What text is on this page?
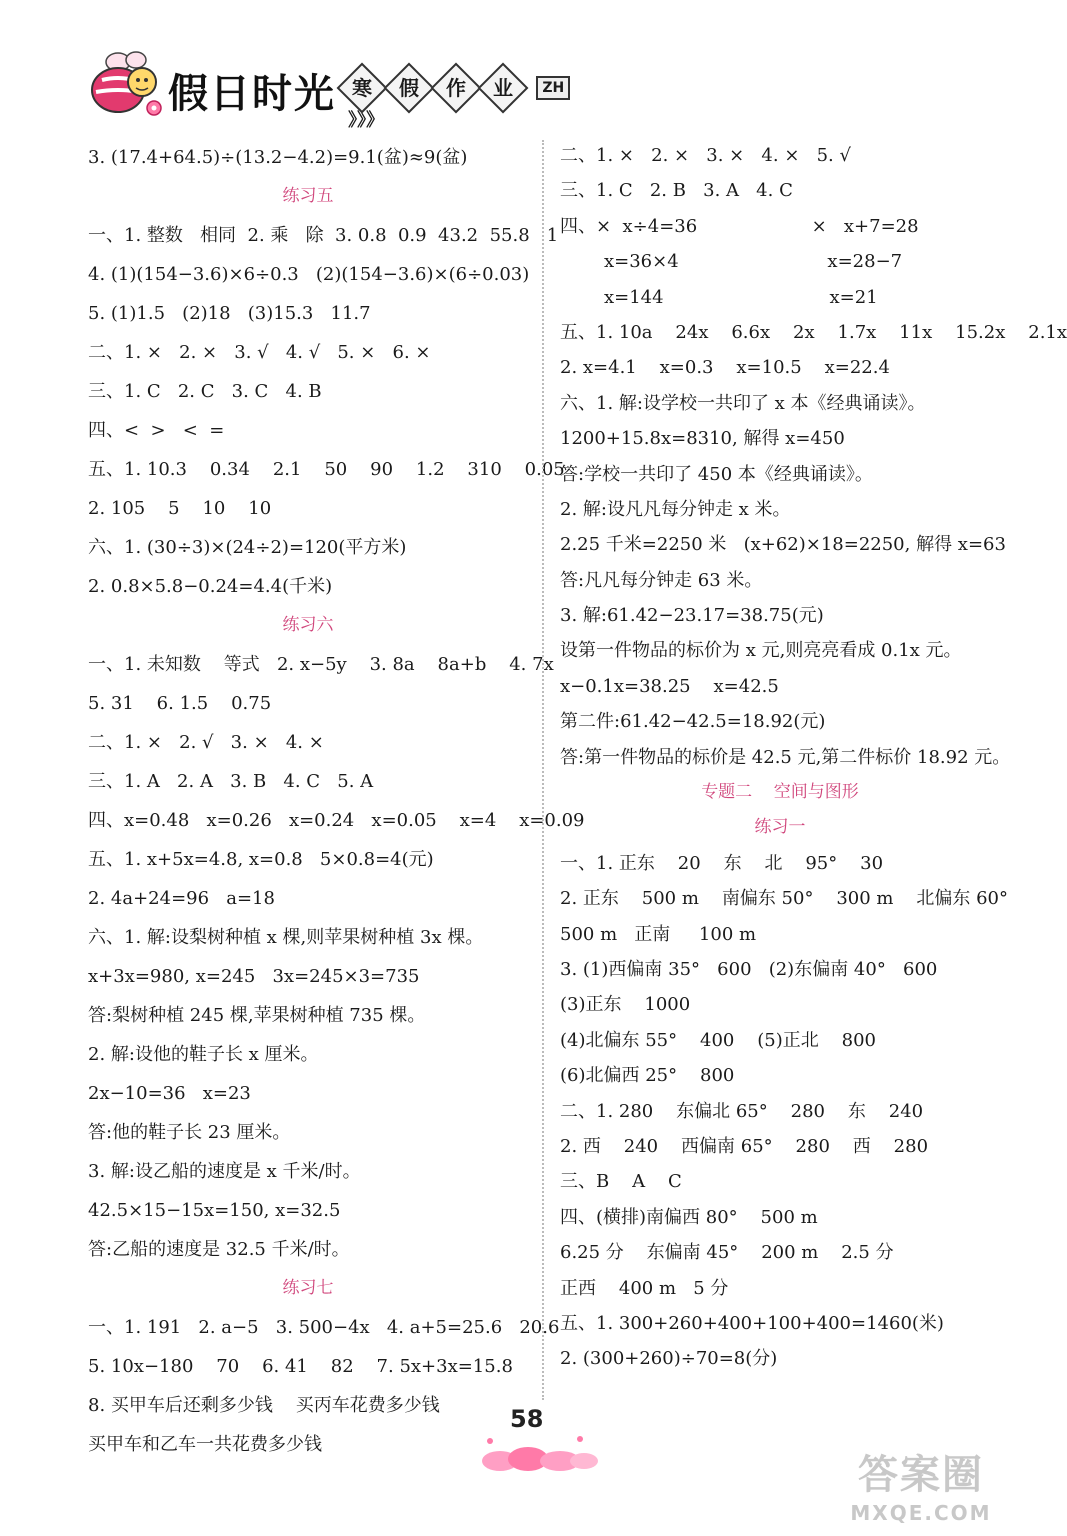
假日时光 寒
	假
	作
	业	ZH 》》》
3. (17.4+64.5)÷(13.2−4.2)=9.1(盆)≈9(盆)
练习五
一、1. 整数   相同  2. 乘   除  3. 0.8  0.9  43.2  55.8   1
4. (1)(154−3.6)×6÷0.3   (2)(154−3.6)×(6÷0.03)
5. (1)1.5   (2)18   (3)15.3   11.7
二、1. ×   2. ×   3. √   4. √   5. ×   6. ×
三、1. C   2. C   3. C   4. B
四、<  >   <  =
五、1. 10.3    0.34    2.1    50    90    1.2    310    0.05
2. 105    5    10    10
六、1. (30÷3)×(24÷2)=120(平方米)
2. 0.8×5.8−0.24=4.4(千米)
练习六
一、1. 未知数    等式   2. x−5y    3. 8a    8a+b    4. 7x
5. 31    6. 1.5    0.75
二、1. ×   2. √   3. ×   4. ×
三、1. A   2. A   3. B   4. C   5. A
四、x=0.48   x=0.26   x=0.24   x=0.05    x=4    x=0.09
五、1. x+5x=4.8, x=0.8   5×0.8=4(元)
2. 4a+24=96   a=18
六、1. 解:设梨树种植 x 棵,则苹果树种植 3x 棵。
x+3x=980, x=245   3x=245×3=735
答:梨树种植 245 棵,苹果树种植 735 棵。
2. 解:设他的鞋子长 x 厘米。
2x−10=36   x=23
答:他的鞋子长 23 厘米。
3. 解:设乙船的速度是 x 千米/时。
42.5×15−15x=150, x=32.5
答:乙船的速度是 32.5 千米/时。
练习七
一、1. 191   2. a−5   3. 500−4x   4. a+5=25.6   20.6
5. 10x−180    70    6. 41    82    7. 5x+3x=15.8
8. 买甲车后还剩多少钱    买丙车花费多少钱
买甲车和乙车一共花费多少钱
二、1. ×   2. ×   3. ×   4. ×   5. √
三、1. C   2. B   3. A   4. C
四、×  x÷4=36                    ×   x+7=28
x=36×4                          x=28−7
x=144                             x=21
五、1. 10a    24x    6.6x    2x    1.7x    11x    15.2x    2.1x
2. x=4.1    x=0.3    x=10.5    x=22.4
六、1. 解:设学校一共印了 x 本《经典诵读》。
1200+15.8x=8310, 解得 x=450
答:学校一共印了 450 本《经典诵读》。
2. 解:设凡凡每分钟走 x 米。
2.25 千米=2250 米   (x+62)×18=2250, 解得 x=63
答:凡凡每分钟走 63 米。
3. 解:61.42−23.17=38.75(元)
设第一件物品的标价为 x 元,则亮亮看成 0.1x 元。
x−0.1x=38.25    x=42.5
第二件:61.42−42.5=18.92(元)
答:第一件物品的标价是 42.5 元,第二件标价 18.92 元。
专题二    空间与图形
练习一
一、1. 正东    20    东    北    95°    30
2. 正东    500 m    南偏东 50°    300 m    北偏东 60°
500 m   正南     100 m
3. (1)西偏南 35°   600   (2)东偏南 40°   600
(3)正东    1000
(4)北偏东 55°    400    (5)正北    800
(6)北偏西 25°    800
二、1. 280    东偏北 65°    280    东    240
2. 西    240    西偏南 65°    280    西    280
三、B    A    C
四、(横排)南偏西 80°    500 m
6.25 分    东偏南 45°    200 m    2.5 分
正西    400 m   5 分
五、1. 300+260+400+100+400=1460(米)
2. (300+260)÷70=8(分)
58
答案圈
MXQE.COM
